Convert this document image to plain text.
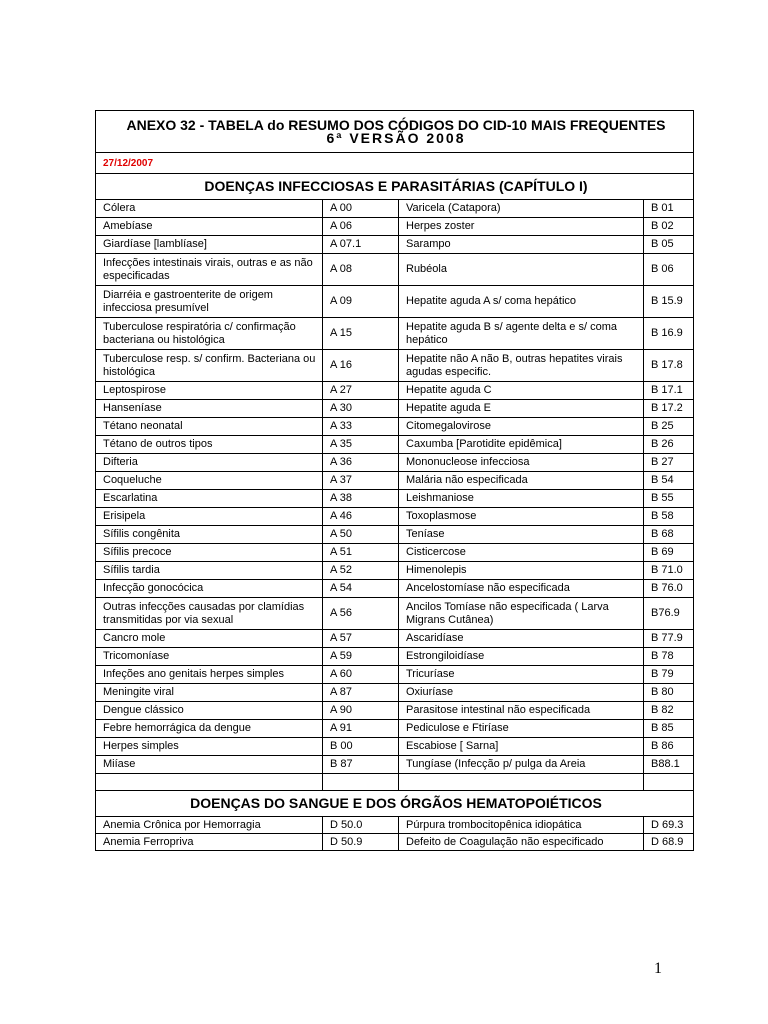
ANEXO 32 - TABELA do RESUMO DOS CÓDIGOS DO CID-10 MAIS FREQUENTES
6ª VERSÃO 2008			

27/12/2007			
DOENÇAS INFECCIOSAS E PARASITÁRIAS (CAPÍTULO I)			
Cólera	A 00	Varicela (Catapora)	B 01
Amebíase	A 06	Herpes zoster	B 02
Giardíase [lamblíase]	A 07.1	Sarampo	B 05
Infecções intestinais virais, outras e as não especificadas	A 08	Rubéola	B 06
Diarréia e gastroenterite de origem infecciosa presumível	A 09	Hepatite aguda A s/ coma hepático	B 15.9
Tuberculose respiratória c/ confirmação bacteriana ou histológica	A 15	Hepatite aguda B s/ agente delta e s/ coma hepático	B 16.9
Tuberculose resp. s/ confirm. Bacteriana ou histológica	A 16	Hepatite não A não B, outras hepatites virais agudas especific.	B 17.8
Leptospirose	A 27	Hepatite aguda C	B 17.1
Hanseníase	A 30	Hepatite aguda E	B 17.2
Tétano neonatal	A 33	Citomegalovirose	B 25
Tétano de outros tipos	A 35	Caxumba [Parotidite epidêmica]	B 26
Difteria	A 36	Mononucleose infecciosa	B 27
Coqueluche	A 37	Malária não especificada	B 54
Escarlatina	A 38	Leishmaniose	B 55
Erisipela	A 46	Toxoplasmose	B 58
Sífilis congênita	A 50	Teníase	B 68
Sífilis precoce	A 51	Cisticercose	B 69
Sífilis tardia	A 52	Himenolepis	B 71.0
Infecção gonocócica	A 54	Ancelostomíase não especificada	B 76.0
Outras infecções causadas por clamídias transmitidas por via sexual	A 56	Ancilos Tomíase não especificada ( Larva Migrans Cutânea)	B76.9
Cancro mole	A 57	Ascaridíase	B 77.9
Tricomoníase	A 59	Estrongiloidíase	B 78
Infeções ano genitais herpes simples	A 60	Tricuríase	B 79
Meningite viral	A 87	Oxiuríase	B 80
Dengue clássico	A 90	Parasitose intestinal não especificada	B 82
Febre hemorrágica da dengue	A 91	Pediculose e Ftiríase	B 85
Herpes simples	B 00	Escabiose [ Sarna]	B 86
Miíase	B 87	Tungíase (Infecção p/ pulga da Areia	B88.1

DOENÇAS DO SANGUE E DOS ÓRGÃOS HEMATOPOIÉTICOS			
Anemia Crônica por Hemorragia	D 50.0	Púrpura trombocitopênica idiopática	D 69.3
Anemia Ferropriva	D 50.9	Defeito de Coagulação não especificado	D 68.9
1
